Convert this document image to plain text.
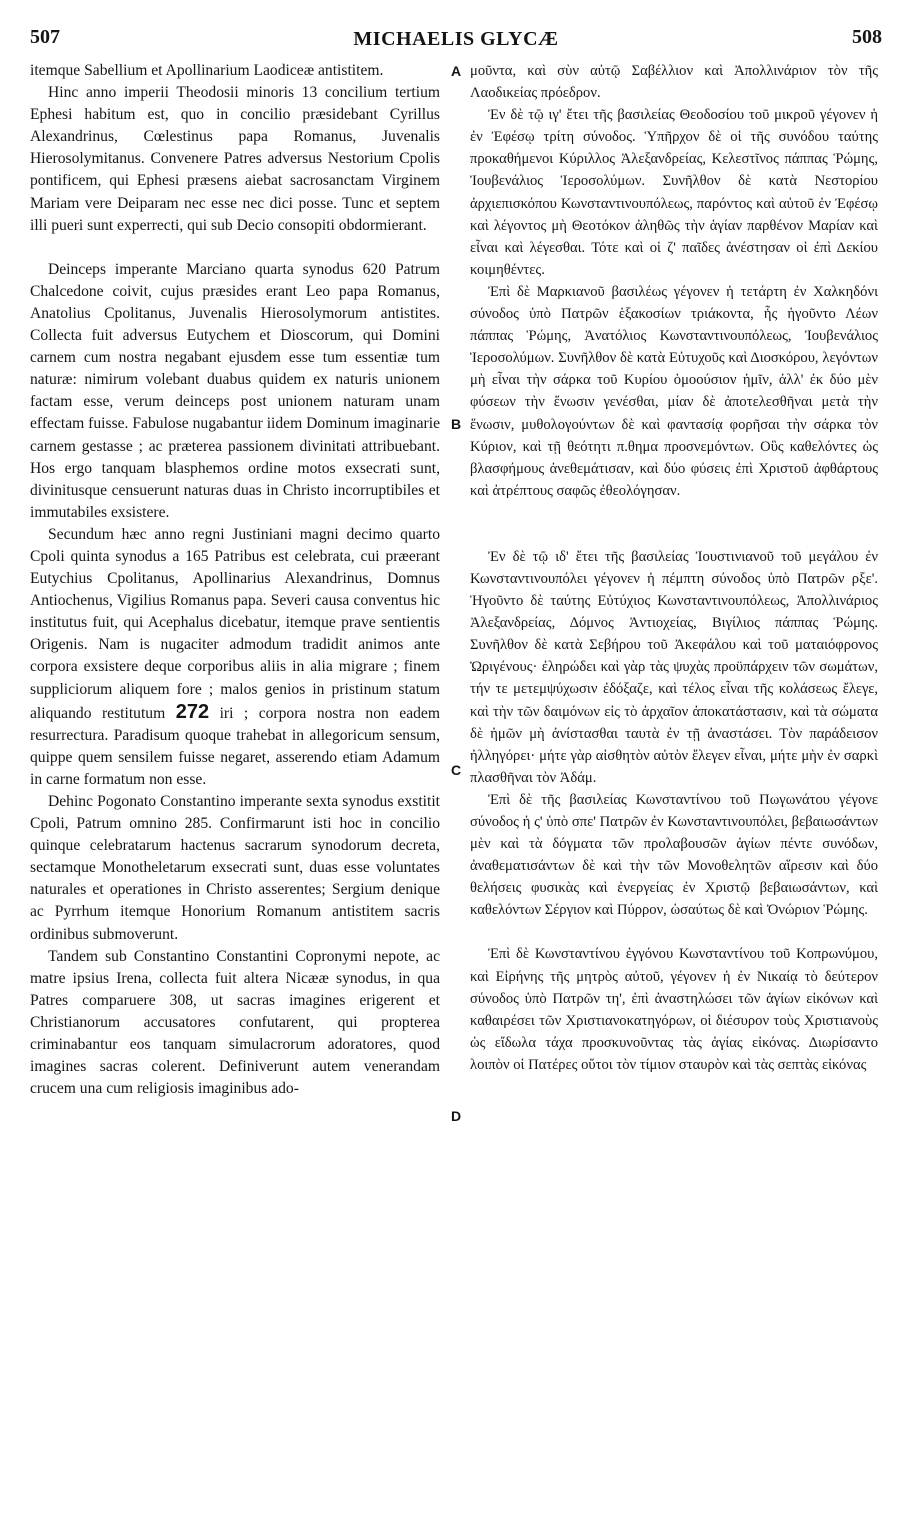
507	MICHAELIS GLYCÆ	508

itemque Sabellium et Apollinarium Laodiceæ antistitem.

Hinc anno imperii Theodosii minoris 13 concilium tertium Ephesi habitum est, quo in concilio præsidebant Cyrillus Alexandrinus, Cœlestinus papa Romanus, Juvenalis Hierosolymitanus. Convenere Patres adversus Nestorium Cpolis pontificem, qui Ephesi præsens aiebat sacrosanctam Virginem Mariam vere Deiparam nec esse nec dici posse. Tunc et septem illi pueri sunt experrecti, qui sub Decio consopiti obdormierant.

Deinceps imperante Marciano quarta synodus 620 Patrum Chalcedone coivit, cujus præsides erant Leo papa Romanus, Anatolius Cpolitanus, Juvenalis Hierosolymorum antistites. Collecta fuit adversus Eutychem et Dioscorum, qui Domini carnem cum nostra negabant ejusdem esse tum essentiæ tum naturæ: nimirum volebant duabus quidem ex naturis unionem factam esse, verum deinceps post unionem naturam unam effectam fuisse. Fabulose nugabantur iidem Dominum imaginarie carnem gestasse ; ac præterea passionem divinitati attribuebant. Hos ergo tanquam blasphemos ordine motos exsecrati sunt, divinitusque censuerunt naturas duas in Christo incorruptibiles et immutabiles exsistere.

Secundum hæc anno regni Justiniani magni decimo quarto Cpoli quinta synodus a 165 Patribus est celebrata, cui præerant Eutychius Cpolitanus, Apollinarius Alexandrinus, Domnus Antiochenus, Vigilius Romanus papa. Severi causa conventus hic institutus fuit, qui Acephalus dicebatur, itemque prave sentientis Origenis. Nam is nugaciter admodum tradidit animos ante corpora exsistere deque corporibus aliis in alia migrare ; finem suppliciorum aliquem fore ; malos genios in pristinum statum aliquando restitutum 272 iri ; corpora nostra non eadem resurrectura. Paradisum quoque trahebat in allegoricum sensum, quippe quem sensilem fuisse negaret, asserendo etiam Adamum in carne formatum non esse.

Dehinc Pogonato Constantino imperante sexta synodus exstitit Cpoli, Patrum omnino 285. Confirmarunt isti hoc in concilio quinque celebratarum hactenus sacrarum synodorum decreta, sectamque Monotheletarum exsecrati sunt, duas esse voluntates naturales et operationes in Christo asserentes; Sergium denique ac Pyrrhum itemque Honorium Romanum antistitem sacris ordinibus submoverunt.

Tandem sub Constantino Constantini Copronymi nepote, ac matre ipsius Irena, collecta fuit altera Nicææ synodus, in qua Patres comparuere 308, ut sacras imagines erigerent et Christianorum accusatores confutarent, qui propterea criminabantur eos tanquam simulacrorum adoratores, quod imagines sacras colerent. Definiverunt autem venerandam crucem una cum religiosis imaginibus ado-

A
B
C
D

μοῦντα, καὶ σὺν αὐτῷ Σαβέλλιον καὶ Ἀπολλινάριον τὸν τῆς Λαοδικείας πρόεδρον.

Ἐν δὲ τῷ ιγ' ἔτει τῆς βασιλείας Θεοδοσίου τοῦ μικροῦ γέγονεν ἡ ἐν Ἐφέσῳ τρίτη σύνοδος. Ὑπῆρχον δὲ οἱ τῆς συνόδου ταύτης προκαθήμενοι Κύριλλος Ἀλεξανδρείας, Κελεστῖνος πάππας Ῥώμης, Ἰουβενάλιος Ἱεροσολύμων. Συνῆλθον δὲ κατὰ Νεστορίου ἀρχιεπισκόπου Κωνσταντινουπόλεως, παρόντος καὶ αὐτοῦ ἐν Ἐφέσῳ καὶ λέγοντος μὴ Θεοτόκον ἀληθῶς τὴν ἁγίαν παρθένον Μαρίαν καὶ εἶναι καὶ λέγεσθαι. Τότε καὶ οἱ ζ' παῖδες ἀνέστησαν οἱ ἐπὶ Δεκίου κοιμηθέντες.

Ἐπὶ δὲ Μαρκιανοῦ βασιλέως γέγονεν ἡ τετάρτη ἐν Χαλκηδόνι σύνοδος ὑπὸ Πατρῶν ἑξακοσίων τριάκοντα, ἧς ἡγοῦντο Λέων πάππας Ῥώμης, Ἀνατόλιος Κωνσταντινουπόλεως, Ἰουβενάλιος Ἱεροσολύμων. Συνῆλθον δὲ κατὰ Εὐτυχοῦς καὶ Διοσκόρου, λεγόντων μὴ εἶναι τὴν σάρκα τοῦ Κυρίου ὁμοούσιον ἡμῖν, ἀλλ' ἐκ δύο μὲν φύσεων τὴν ἕνωσιν γενέσθαι, μίαν δὲ ἀποτελεσθῆναι μετὰ τὴν ἕνωσιν, μυθολογούντων δὲ καὶ φαντασίᾳ φορῆσαι τὴν σάρκα τὸν Κύριον, καὶ τῇ θεότητι π.θημα προσνεμόντων. Οὓς καθελόντες ὡς βλασφήμους ἀνεθεμάτισαν, καὶ δύο φύσεις ἐπὶ Χριστοῦ ἀφθάρτους καὶ ἀτρέπτους σαφῶς ἐθεολόγησαν.

Ἐν δὲ τῷ ιδ' ἔτει τῆς βασιλείας Ἰουστινιανοῦ τοῦ μεγάλου ἐν Κωνσταντινουπόλει γέγονεν ἡ πέμπτη σύνοδος ὑπὸ Πατρῶν ρξε'. Ἡγοῦντο δὲ ταύτης Εὐτύχιος Κωνσταντινουπόλεως, Ἀπολλινάριος Ἀλεξανδρείας, Δόμνος Ἀντιοχείας, Βιγίλιος πάππας Ῥώμης. Συνῆλθον δὲ κατὰ Σεβήρου τοῦ Ἀκεφάλου καὶ τοῦ ματαιόφρονος Ὠριγένους· ἐληρώδει καὶ γὰρ τὰς ψυχὰς προϋπάρχειν τῶν σωμάτων, τήν τε μετεμψύχωσιν ἐδόξαζε, καὶ τέλος εἶναι τῆς κολάσεως ἔλεγε, καὶ τὴν τῶν δαιμόνων εἰς τὸ ἀρχαῖον ἀποκατάστασιν, καὶ τὰ σώματα δὲ ἡμῶν μὴ ἀνίστασθαι ταυτὰ ἐν τῇ ἀναστάσει. Τὸν παράδεισον ἠλληγόρει· μήτε γὰρ αἰσθητὸν αὐτὸν ἔλεγεν εἶναι, μήτε μὴν ἐν σαρκὶ πλασθῆναι τὸν Ἀδάμ.

Ἐπὶ δὲ τῆς βασιλείας Κωνσταντίνου τοῦ Πωγωνάτου γέγονε σύνοδος ἡ ς' ὑπὸ σπε' Πατρῶν ἐν Κωνσταντινουπόλει, βεβαιωσάντων μὲν καὶ τὰ δόγματα τῶν προλαβουσῶν ἁγίων πέντε συνόδων, ἀναθεματισάντων δὲ καὶ τὴν τῶν Μονοθελητῶν αἵρεσιν καὶ δύο θελήσεις φυσικὰς καὶ ἐνεργείας ἐν Χριστῷ βεβαιωσάντων, καὶ καθελόντων Σέργιον καὶ Πύρρον, ὡσαύτως δὲ καὶ Ὀνώριον Ῥώμης.

Ἐπὶ δὲ Κωνσταντίνου ἐγγόνου Κωνσταντίνου τοῦ Κοπρωνύμου, καὶ Εἰρήνης τῆς μητρὸς αὐτοῦ, γέγονεν ἡ ἐν Νικαίᾳ τὸ δεύτερον σύνοδος ὑπὸ Πατρῶν τη', ἐπὶ ἀναστηλώσει τῶν ἁγίων εἰκόνων καὶ καθαιρέσει τῶν Χριστιανοκατηγόρων, οἱ διέσυρον τοὺς Χριστιανοὺς ὡς εἴδωλα τάχα προσκυνοῦντας τὰς ἁγίας εἰκόνας. Διωρίσαντο λοιπὸν οἱ Πατέρες οὕτοι τὸν τίμιον σταυρὸν καὶ τὰς σεπτὰς εἰκόνας
